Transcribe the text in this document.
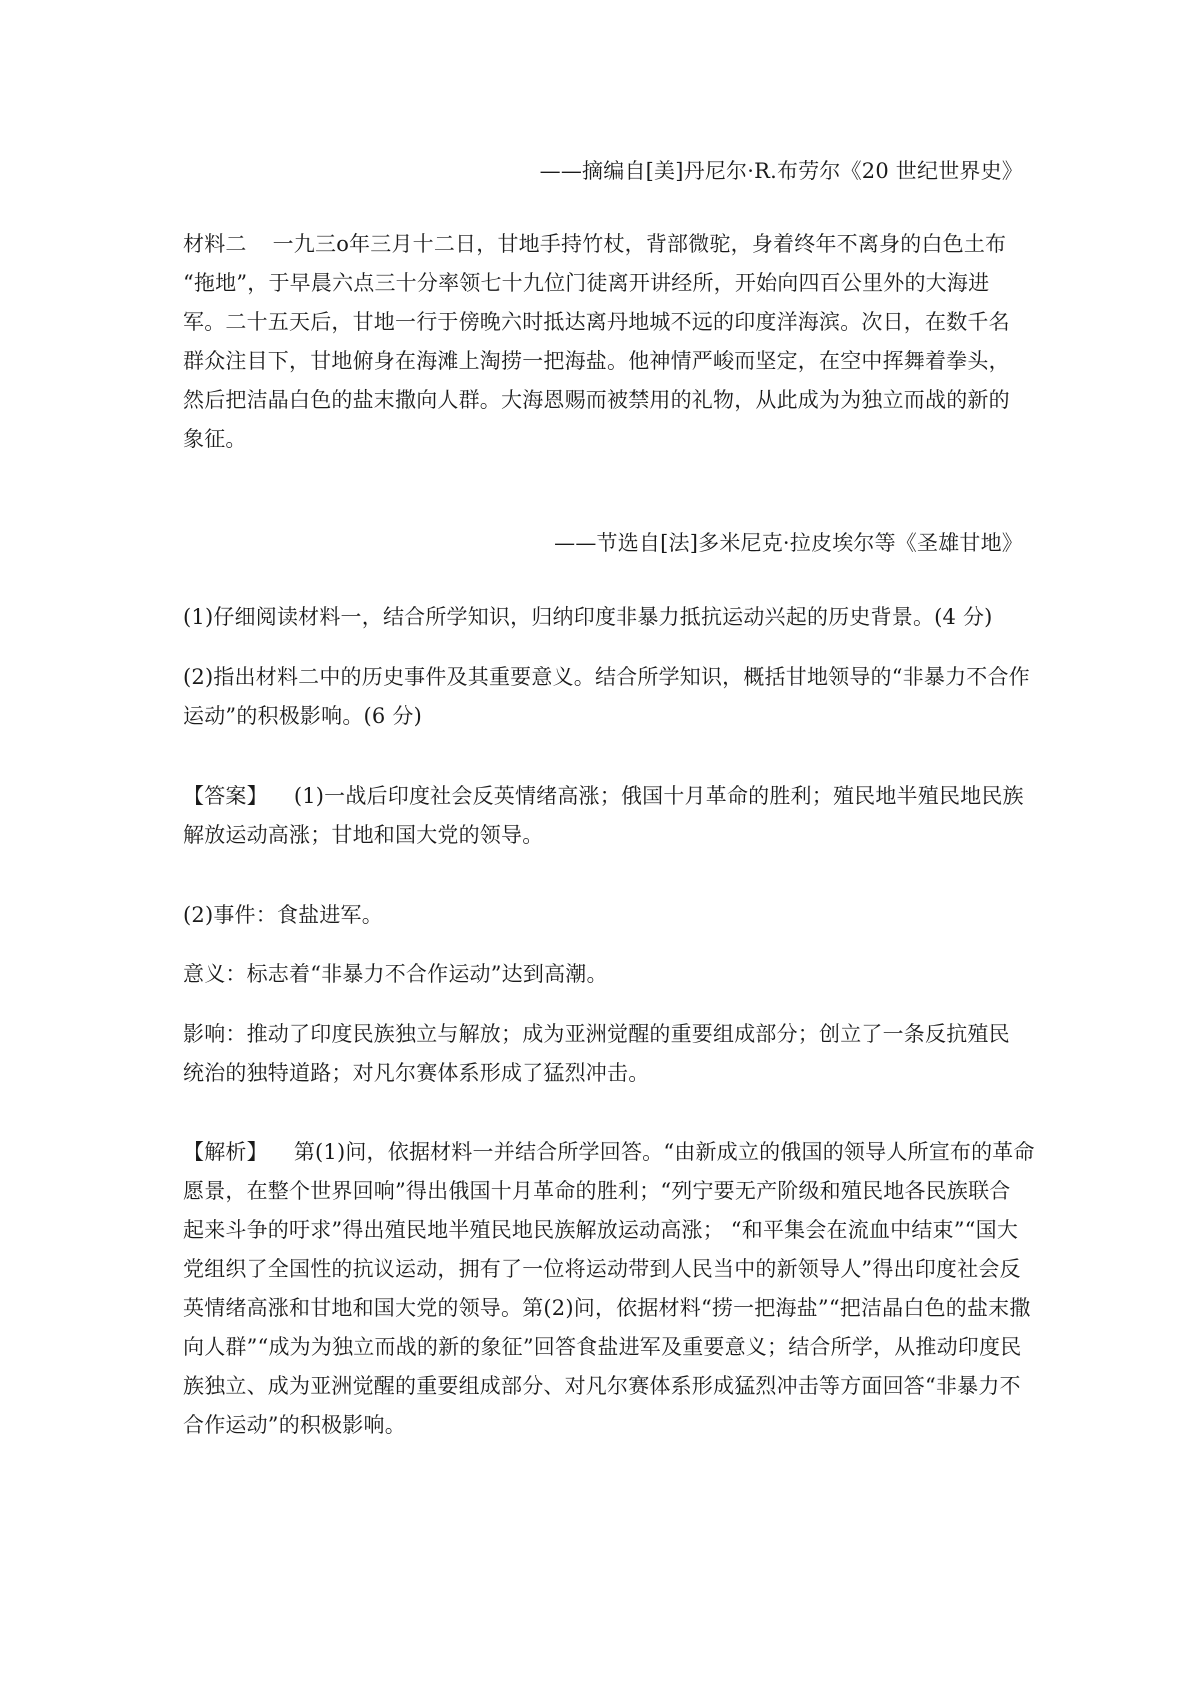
——摘编自[美]丹尼尔·R.布劳尔《20 世纪世界史》

材料二 一九三o年三月十二日，甘地手持竹杖，背部微驼，身着终年不离身的白色土布
“拖地”，于早晨六点三十分率领七十九位门徒离开讲经所，开始向四百公里外的大海进
军。二十五天后，甘地一行于傍晚六时抵达离丹地城不远的印度洋海滨。次日，在数千名
群众注目下，甘地俯身在海滩上淘捞一把海盐。他神情严峻而坚定，在空中挥舞着拳头，
然后把洁晶白色的盐末撒向人群。大海恩赐而被禁用的礼物，从此成为为独立而战的新的
象征。

——节选自[法]多米尼克·拉皮埃尔等《圣雄甘地》

(1)仔细阅读材料一，结合所学知识，归纳印度非暴力抵抗运动兴起的历史背景。(4 分)

(2)指出材料二中的历史事件及其重要意义。结合所学知识，概括甘地领导的“非暴力不合作
运动”的积极影响。(6 分)
【答案】 (1)一战后印度社会反英情绪高涨；俄国十月革命的胜利；殖民地半殖民地民族
解放运动高涨；甘地和国大党的领导。

(2)事件：食盐进军。

意义：标志着“非暴力不合作运动”达到高潮。

影响：推动了印度民族独立与解放；成为亚洲觉醒的重要组成部分；创立了一条反抗殖民
统治的独特道路；对凡尔赛体系形成了猛烈冲击。
【解析】 第(1)问，依据材料一并结合所学回答。“由新成立的俄国的领导人所宣布的革命
愿景，在整个世界回响”得出俄国十月革命的胜利；“列宁要无产阶级和殖民地各民族联合
起来斗争的吁求”得出殖民地半殖民地民族解放运动高涨； “和平集会在流血中结束”“国大
党组织了全国性的抗议运动，拥有了一位将运动带到人民当中的新领导人”得出印度社会反
英情绪高涨和甘地和国大党的领导。第(2)问，依据材料“捞一把海盐”“把洁晶白色的盐末撒
向人群”“成为为独立而战的新的象征”回答食盐进军及重要意义；结合所学，从推动印度民
族独立、成为亚洲觉醒的重要组成部分、对凡尔赛体系形成猛烈冲击等方面回答“非暴力不
合作运动”的积极影响。
